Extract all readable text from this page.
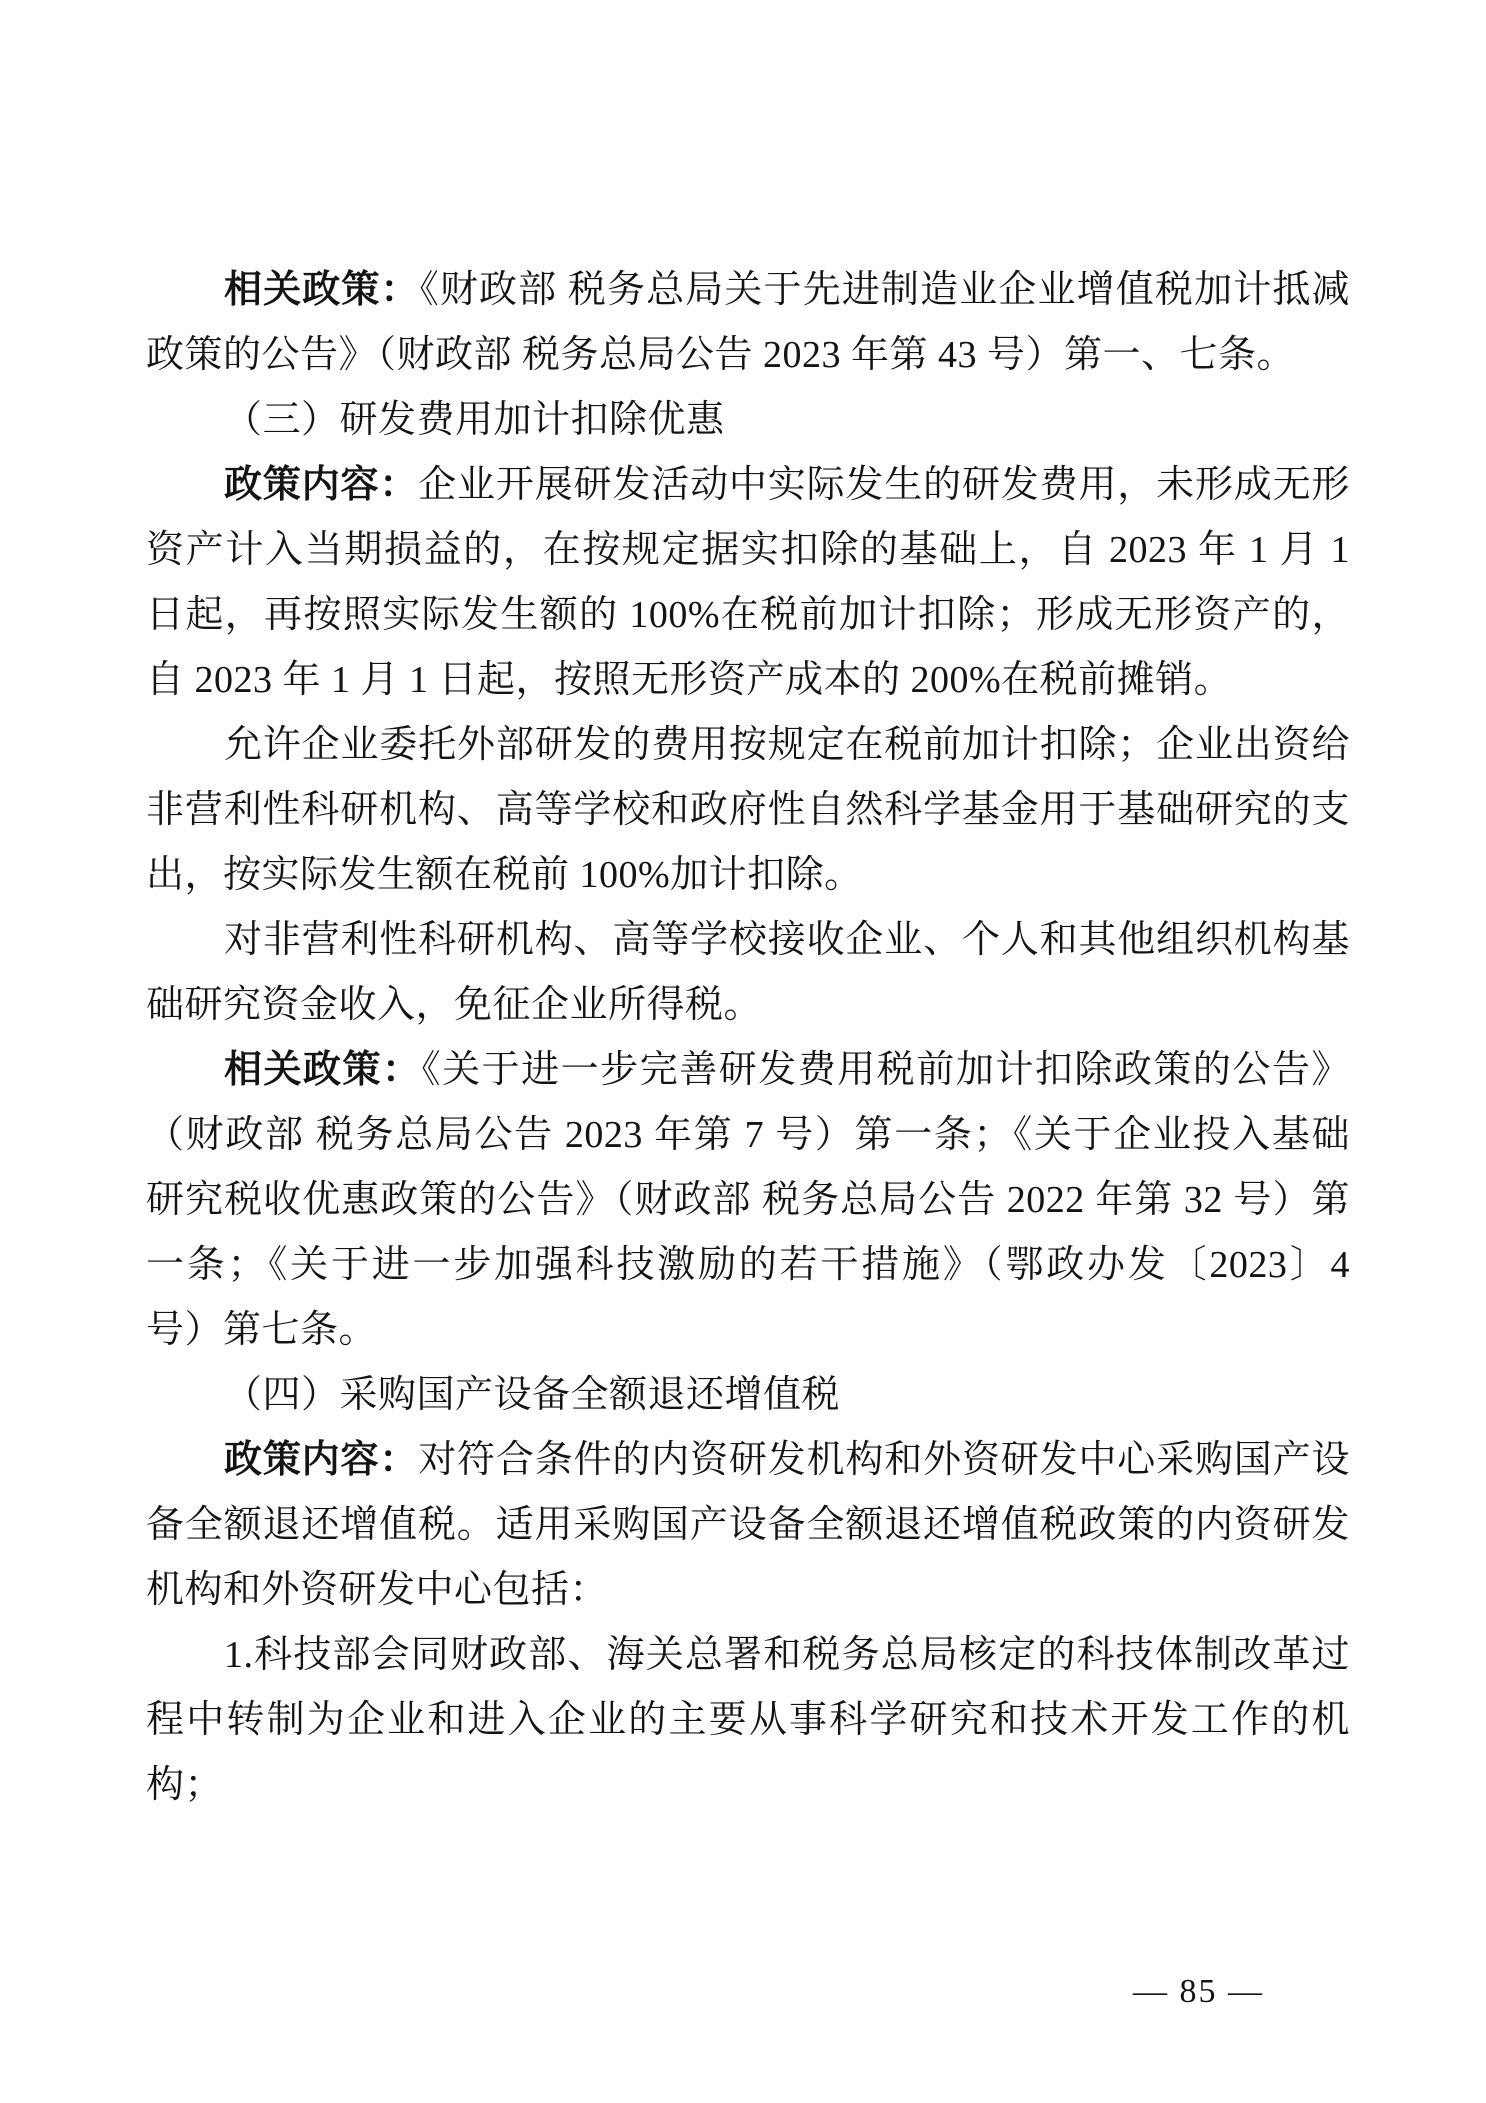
相关政策：《财政部 税务总局关于先进制造业企业增值税加计抵减政策的公告》（财政部 税务总局公告 2023 年第 43 号）第一、七条。

（三）研发费用加计扣除优惠

政策内容：企业开展研发活动中实际发生的研发费用，未形成无形资产计入当期损益的，在按规定据实扣除的基础上，自 2023 年 1 月 1 日起，再按照实际发生额的 100%在税前加计扣除；形成无形资产的，自 2023 年 1 月 1 日起，按照无形资产成本的 200%在税前摊销。

允许企业委托外部研发的费用按规定在税前加计扣除；企业出资给非营利性科研机构、高等学校和政府性自然科学基金用于基础研究的支出，按实际发生额在税前 100%加计扣除。

对非营利性科研机构、高等学校接收企业、个人和其他组织机构基础研究资金收入，免征企业所得税。

相关政策：《关于进一步完善研发费用税前加计扣除政策的公告》（财政部 税务总局公告 2023 年第 7 号）第一条；《关于企业投入基础研究税收优惠政策的公告》（财政部 税务总局公告 2022 年第 32 号）第一条；《关于进一步加强科技激励的若干措施》（鄂政办发〔2023〕4 号）第七条。

（四）采购国产设备全额退还增值税

政策内容：对符合条件的内资研发机构和外资研发中心采购国产设备全额退还增值税。适用采购国产设备全额退还增值税政策的内资研发机构和外资研发中心包括：

1.科技部会同财政部、海关总署和税务总局核定的科技体制改革过程中转制为企业和进入企业的主要从事科学研究和技术开发工作的机构；

— 85 —
